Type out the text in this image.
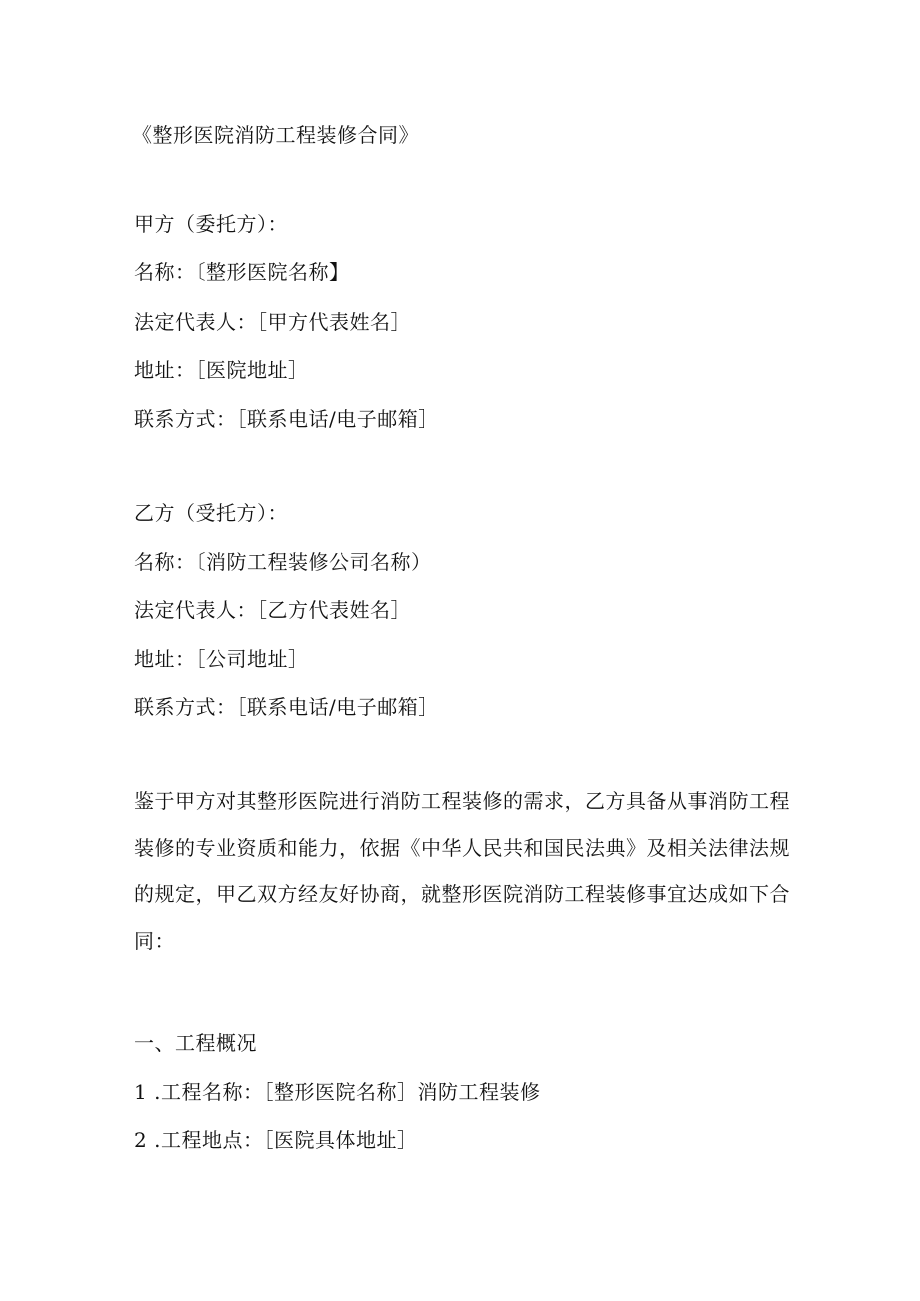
《整形医院消防工程装修合同》
甲方（委托方）：
名称：〔整形医院名称】
法定代表人：［甲方代表姓名］
地址：［医院地址］
联系方式：［联系电话/电子邮箱］
乙方（受托方）：
名称：〔消防工程装修公司名称）
法定代表人：［乙方代表姓名］
地址：［公司地址］
联系方式：［联系电话/电子邮箱］
鉴于甲方对其整形医院进行消防工程装修的需求，乙方具备从事消防工程
装修的专业资质和能力，依据《中华人民共和国民法典》及相关法律法规
的规定，甲乙双方经友好协商，就整形医院消防工程装修事宜达成如下合
同：
一、工程概况
1 .工程名称：［整形医院名称］消防工程装修
2 .工程地点：［医院具体地址］
